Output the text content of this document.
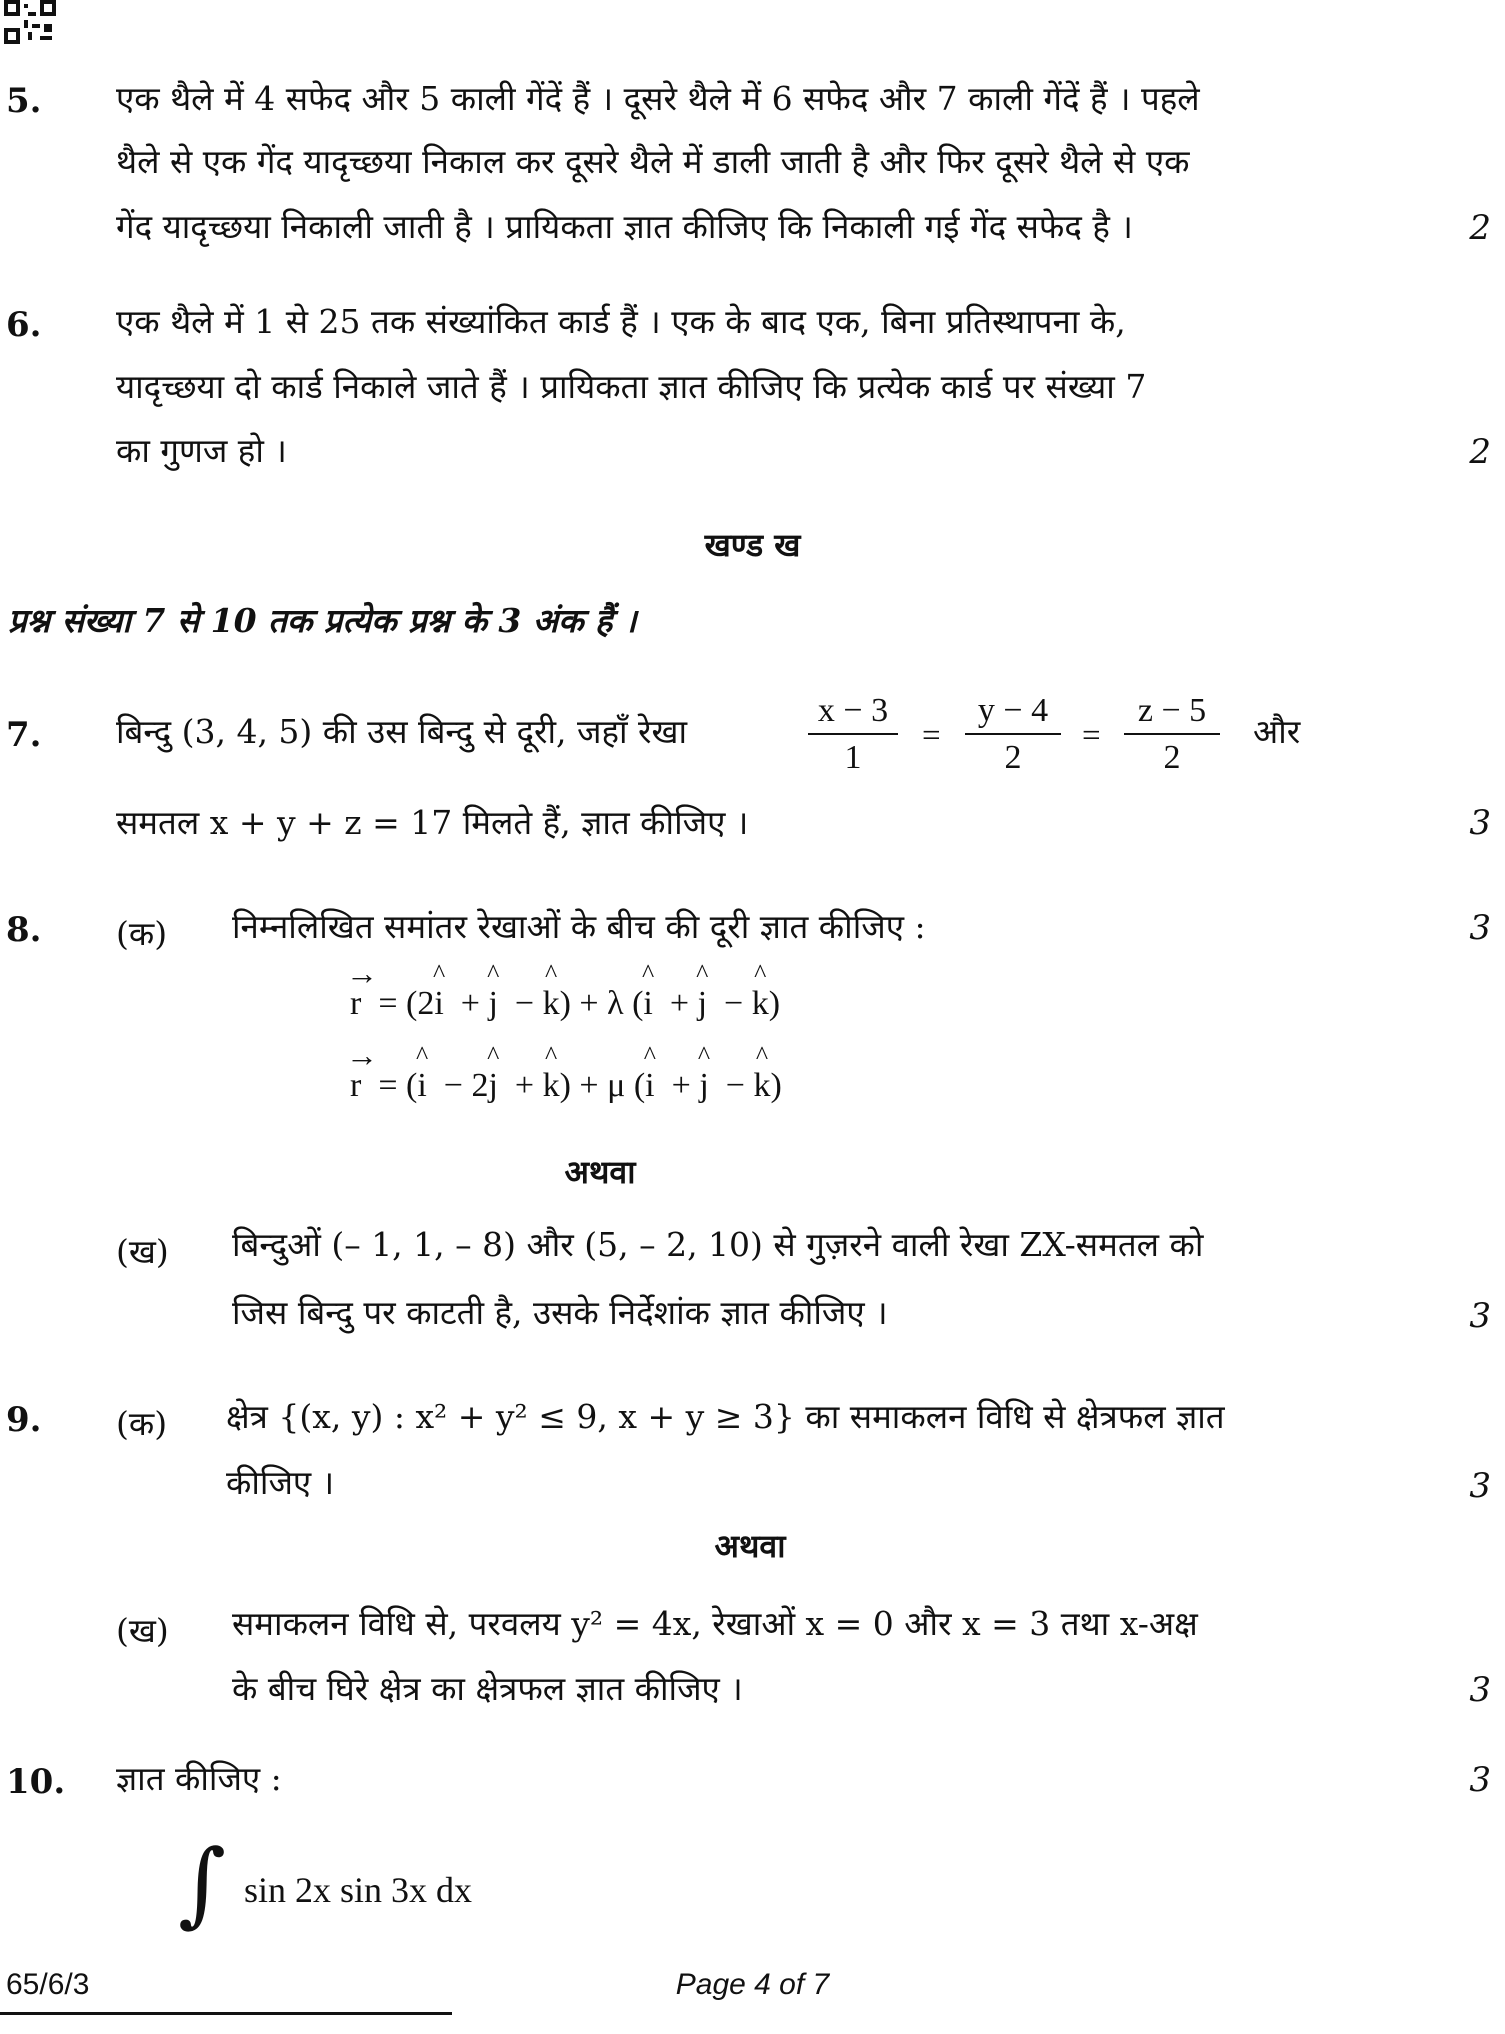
5. एक थैले में 4 सफेद और 5 काली गेंदें हैं । दूसरे थैले में 6 सफेद और 7 काली गेंदें हैं । पहले
थैले से एक गेंद यादृच्छया निकाल कर दूसरे थैले में डाली जाती है और फिर दूसरे थैले से एक
गेंद यादृच्छया निकाली जाती है । प्रायिकता ज्ञात कीजिए कि निकाली गई गेंद सफेद है ।	2
6. एक थैले में 1 से 25 तक संख्यांकित कार्ड हैं । एक के बाद एक, बिना प्रतिस्थापना के,
यादृच्छया दो कार्ड निकाले जाते हैं । प्रायिकता ज्ञात कीजिए कि प्रत्येक कार्ड पर संख्या 7
का गुणज हो ।	2
खण्ड ख
प्रश्न संख्या 7 से 10 तक प्रत्येक प्रश्न के 3 अंक हैं ।
7. बिन्दु (3, 4, 5) की उस बिन्दु से दूरी, जहाँ रेखा
x − 3
1
=
y − 4
2
=
z − 5
2
और
समतल x + y + z = 17 मिलते हैं, ज्ञात कीजिए ।	3
8. (क) निम्नलिखित समांतर रेखाओं के बीच की दूरी ज्ञात कीजिए :	3
→ r  = (2^ i  + ^ j  − ^ k) + λ (^ i  + ^ j  − ^ k)
→ r  = (^ i  − 2^ j  + ^ k) + μ (^ i  + ^ j  − ^ k)
अथवा
(ख) बिन्दुओं (– 1, 1, – 8) और (5, – 2, 10) से गुज़रने वाली रेखा ZX-समतल को
जिस बिन्दु पर काटती है, उसके निर्देशांक ज्ञात कीजिए ।	3
9. (क) क्षेत्र {(x, y) : x² + y² ≤ 9, x + y ≥ 3} का समाकलन विधि से क्षेत्रफल ज्ञात
कीजिए ।	3
अथवा
(ख) समाकलन विधि से, परवलय y² = 4x, रेखाओं x = 0 और x = 3 तथा x-अक्ष
के बीच घिरे क्षेत्र का क्षेत्रफल ज्ञात कीजिए ।	3
10. ज्ञात कीजिए :	3
∫ sin 2x sin 3x dx
65/6/3	Page 4 of 7
